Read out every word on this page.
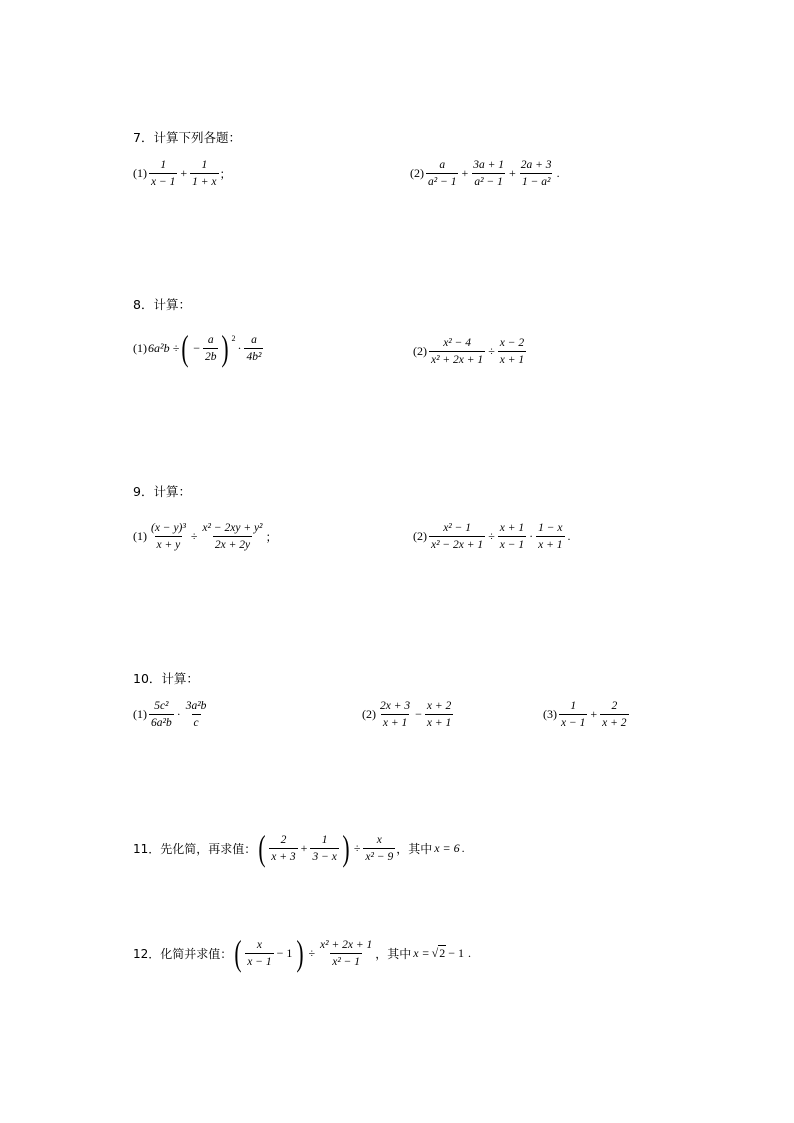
7．计算下列各题：
$(1) \frac{1}{x - 1} + \frac{1}{1 + x}$ ；	$(2) \frac{a}{\text{a² − 1}} + \frac{3a + 1}{\text{a² − 1}} + \frac{2a + 3}{\text{1 − a²}}$ .
8．计算：
(1) 6a²b ÷ ( − $\frac{a}{2b}$ ) $^2$
· $\frac{a}{\text{4b²}}$	$(2) \frac{\text{x² − 4}}{\text{x² + 2x + 1}} \div \frac{x - 2}{x + 1}$
9．计算：
$(1) \frac{\text{(x − y)³}}{x + y} \div \frac{\text{x² − 2xy + y²}}{2x + 2y}$ ；	$(2) \frac{\text{x² − 1}}{\text{x² − 2x + 1}} \div \frac{x + 1}{x - 1} \cdot \frac{1 - x}{x + 1}$ .
10．计算：
$(1) \frac{\text{5c²}}{\text{6a²b}} \cdot \frac{\text{3a²b}}{c}$	$(2) \frac{2x + 3}{x + 1} - \frac{x + 2}{x + 1}$	$(3) \frac{1}{x - 1} + \frac{2}{x + 2}$
11．先化简，再求值： ( $\frac{2}{x + 3} + \frac{1}{3 - x}$ ) ÷ $\frac{x}{\text{x² − 9}}$ ，其中 x = 6 .
12．化简并求值： ( $\frac{x}{x - 1} - 1$ ) ÷ $\frac{\text{x² + 2x + 1}}{\text{x² − 1}}$ ，其中 x = √ 2 − 1 .
